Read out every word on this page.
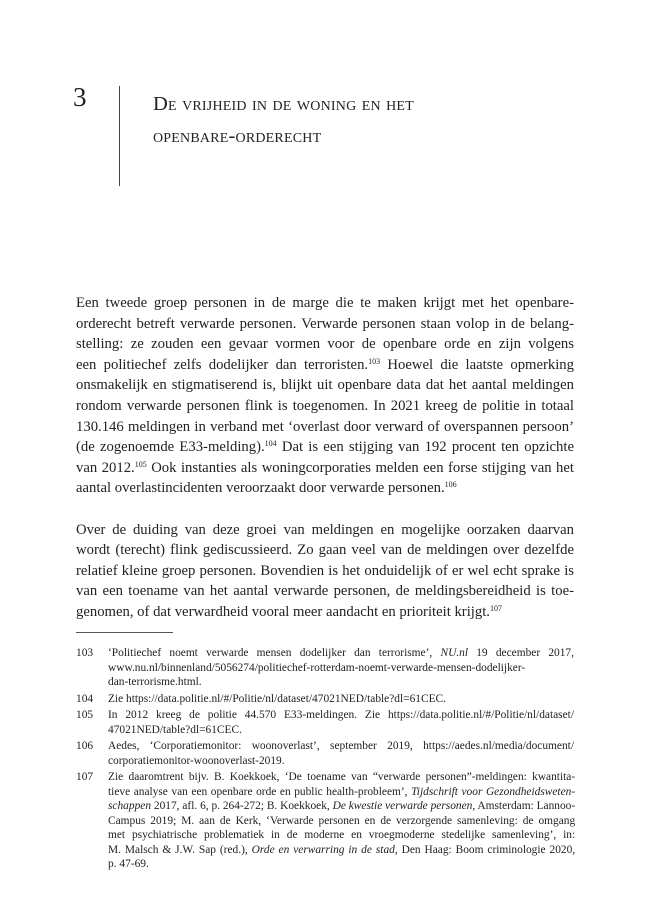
3	De vrijheid in de woning en het
openbare-orderecht
Een tweede groep personen in de marge die te maken krijgt met het openbare-
orderecht betreft verwarde personen. Verwarde personen staan volop in de belang-
stelling: ze zouden een gevaar vormen voor de openbare orde en zijn volgens
een politiechef zelfs dodelijker dan terroristen.$^{103}$ Hoewel die laatste opmerking
onsmakelijk en stigmatiserend is, blijkt uit openbare data dat het aantal meldingen
rondom verwarde personen flink is toegenomen. In 2021 kreeg de politie in totaal
130.146 meldingen in verband met ‘overlast door verward of overspannen persoon’
(de zogenoemde E33-melding).$^{104}$ Dat is een stijging van 192 procent ten opzichte
van 2012.$^{105}$ Ook instanties als woningcorporaties melden een forse stijging van het
aantal overlastincidenten veroorzaakt door verwarde personen.$^{106}$
Over de duiding van deze groei van meldingen en mogelijke oorzaken daarvan
wordt (terecht) flink gediscussieerd. Zo gaan veel van de meldingen over dezelfde
relatief kleine groep personen. Bovendien is het onduidelijk of er wel echt sprake is
van een toename van het aantal verwarde personen, de meldingsbereidheid is toe-
genomen, of dat verwardheid vooral meer aandacht en prioriteit krijgt.$^{107}$
103	‘Politiechef noemt verwarde mensen dodelijker dan terrorisme’, NU.nl 19 december 2017,
www.nu.nl/binnenland/5056274/politiechef-rotterdam-noemt-verwarde-mensen-dodelijker-
dan-terrorisme.html.
104	Zie https://data.politie.nl/#/Politie/nl/dataset/47021NED/table?dl=61CEC.
105	In 2012 kreeg de politie 44.570 E33-meldingen. Zie https://data.politie.nl/#/Politie/nl/dataset/
47021NED/table?dl=61CEC.
106	Aedes, ‘Corporatiemonitor: woonoverlast’, september 2019, https://aedes.nl/media/document/
corporatiemonitor-woonoverlast-2019.
107	Zie daaromtrent bijv. B. Koekkoek, ‘De toename van “verwarde personen”-meldingen: kwantita-
tieve analyse van een openbare orde en public health-probleem’, Tijdschrift voor Gezondheidsweten-
schappen 2017, afl. 6, p. 264-272; B. Koekkoek, De kwestie verwarde personen, Amsterdam: Lannoo-
Campus 2019; M. aan de Kerk, ‘Verwarde personen en de verzorgende samenleving: de omgang
met psychiatrische problematiek in de moderne en vroegmoderne stedelijke samenleving’, in:
M. Malsch & J.W. Sap (red.), Orde en verwarring in de stad, Den Haag: Boom criminologie 2020,
p. 47-69.
